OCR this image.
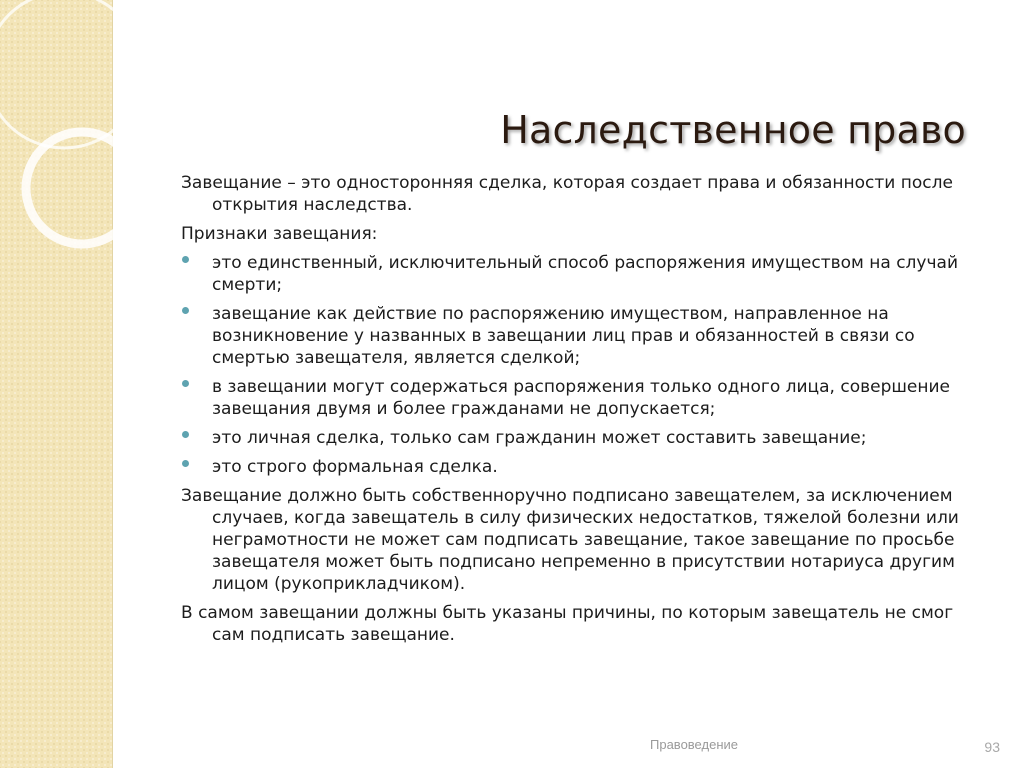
Наследственное право

Завещание – это односторонняя сделка, которая создает права и обязанности после открытия наследства.

Признаки завещания:

это единственный, исключительный способ распоряжения имуществом на случай смерти;
завещание как действие по распоряжению имуществом, направленное на возникновение у названных в завещании лиц прав и обязанностей в связи со смертью завещателя, является сделкой;
в завещании могут содержаться распоряжения только одного лица, совершение завещания двумя и более гражданами не допускается;
это личная сделка, только сам гражданин может составить завещание;
это строго формальная сделка.

Завещание должно быть собственноручно подписано завещателем, за исключением случаев, когда завещатель в силу физических недостатков, тяжелой болезни или неграмотности не может сам подписать завещание, такое завещание по просьбе завещателя может быть подписано непременно в присутствии нотариуса другим лицом (рукоприкладчиком).

В самом завещании должны быть указаны причины, по которым завещатель не смог сам подписать завещание.

Правоведение	93
